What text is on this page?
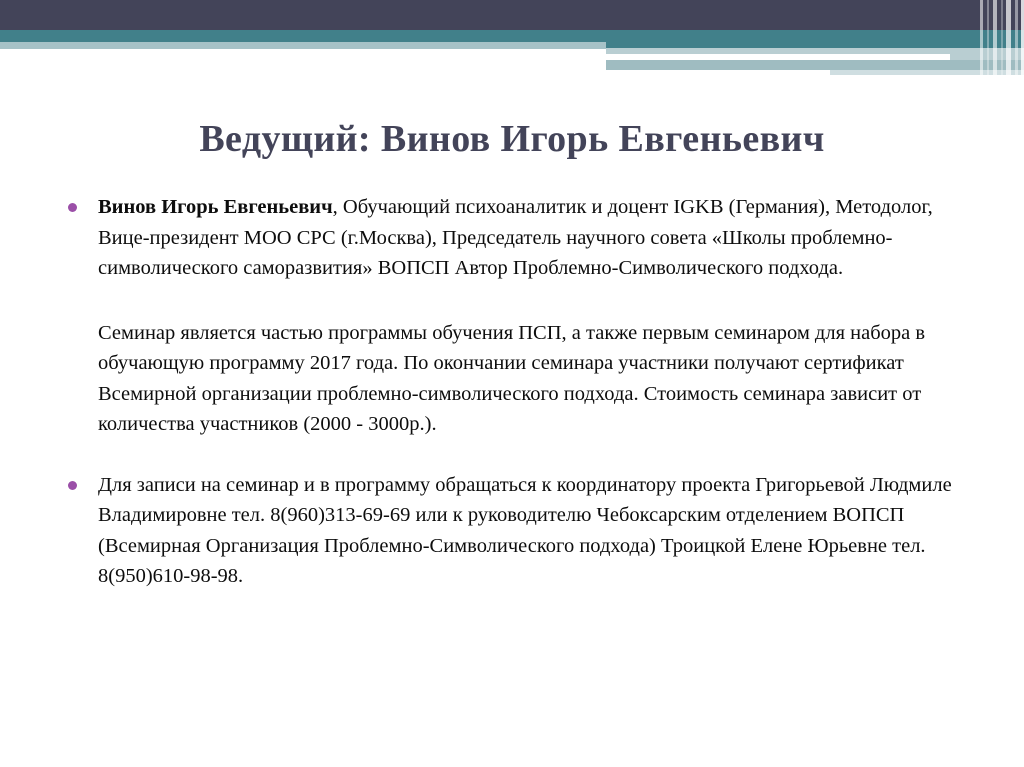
Ведущий: Винов Игорь Евгеньевич
Винов Игорь Евгеньевич, Обучающий психоаналитик и доцент IGKB (Германия), Методолог, Вице-президент МОО СРС (г.Москва), Председатель научного совета «Школы проблемно-символического саморазвития» ВОПСП Автор Проблемно-Символического подхода.
Семинар является частью программы обучения ПСП, а также первым семинаром для набора в обучающую программу 2017 года. По окончании семинара участники получают сертификат Всемирной организации проблемно-символического подхода. Стоимость семинара зависит от количества участников (2000 - 3000р.).
Для записи на семинар и в программу обращаться к координатору проекта Григорьевой Людмиле Владимировне тел. 8(960)313-69-69 или к руководителю Чебоксарским отделением ВОПСП (Всемирная Организация Проблемно-Символического подхода) Троицкой Елене Юрьевне тел. 8(950)610-98-98.
